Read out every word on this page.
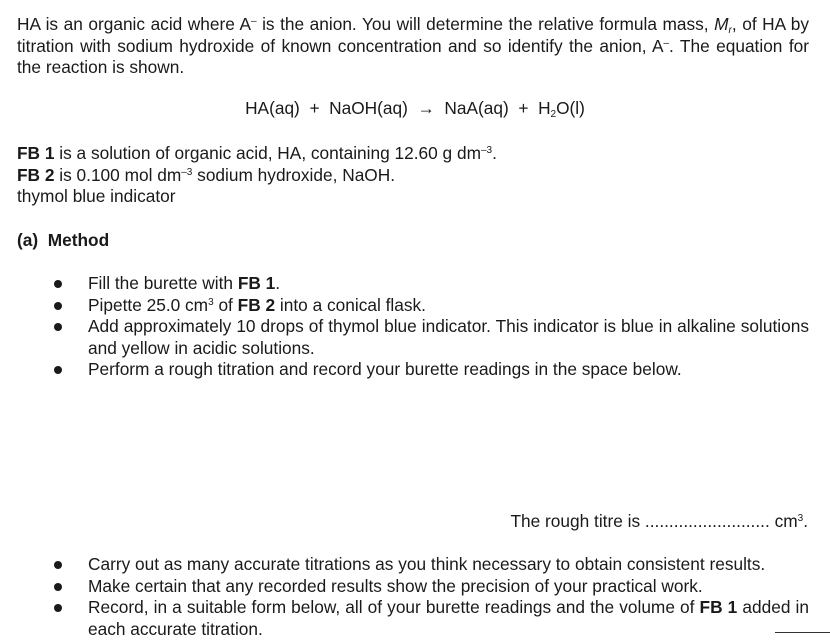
HA is an organic acid where A– is the anion. You will determine the relative formula mass, $M_r$, of HA by titration with sodium hydroxide of known concentration and so identify the anion, A–. The equation for the reaction is shown.

HA(aq) + NaOH(aq) → $NaA(aq) + H_2O(l)$

FB 1 is a solution of organic acid, HA, containing 12.60 g $dm^{-3}$.
FB 2 is 0.100 mol $dm^{-3}$ sodium hydroxide, NaOH.
thymol blue indicator

(a) Method

Fill the burette with FB 1.
Pipette 25.0 $cm^3$ of FB 2 into a conical flask.
Add approximately 10 drops of thymol blue indicator. This indicator is blue in alkaline solutions and yellow in acidic solutions.
Perform a rough titration and record your burette readings in the space below.

The rough titre is .......................... $cm^3$.

Carry out as many accurate titrations as you think necessary to obtain consistent results.
Make certain that any recorded results show the precision of your practical work.
Record, in a suitable form below, all of your burette readings and the volume of FB 1 added in each accurate titration.
